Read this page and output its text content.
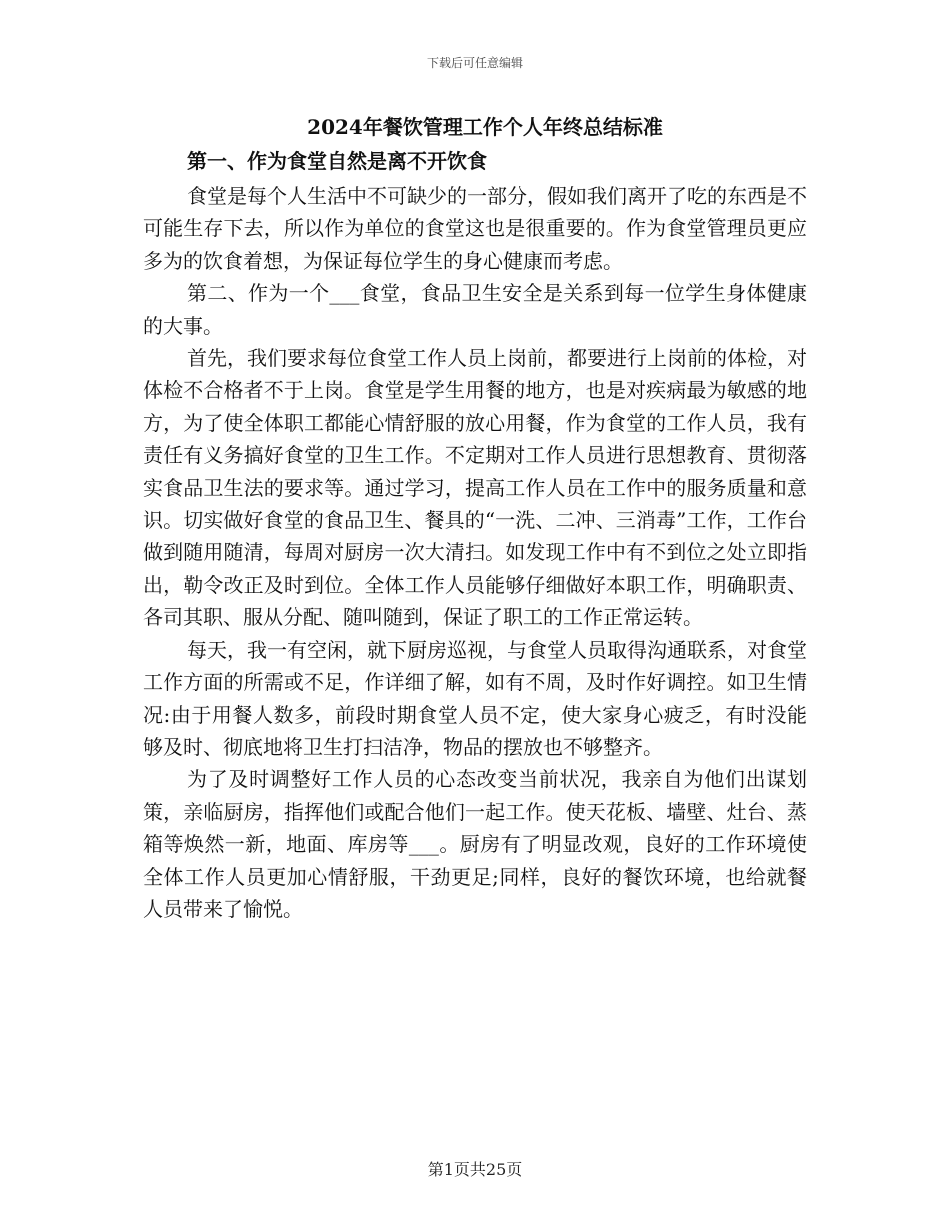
下载后可任意编辑
2024年餐饮管理工作个人年终总结标准
第一、作为食堂自然是离不开饮食

食堂是每个人生活中不可缺少的一部分，假如我们离开了吃的东西是不可能生存下去，所以作为单位的食堂这也是很重要的。作为食堂管理员更应多为的饮食着想，为保证每位学生的身心健康而考虑。

第二、作为一个___食堂，食品卫生安全是关系到每一位学生身体健康的大事。

首先，我们要求每位食堂工作人员上岗前，都要进行上岗前的体检，对体检不合格者不于上岗。食堂是学生用餐的地方，也是对疾病最为敏感的地方，为了使全体职工都能心情舒服的放心用餐，作为食堂的工作人员，我有责任有义务搞好食堂的卫生工作。不定期对工作人员进行思想教育、贯彻落实食品卫生法的要求等。通过学习，提高工作人员在工作中的服务质量和意识。切实做好食堂的食品卫生、餐具的“一洗、二冲、三消毒”工作，工作台做到随用随清，每周对厨房一次大清扫。如发现工作中有不到位之处立即指出，勒令改正及时到位。全体工作人员能够仔细做好本职工作，明确职责、各司其职、服从分配、随叫随到，保证了职工的工作正常运转。

每天，我一有空闲，就下厨房巡视，与食堂人员取得沟通联系，对食堂工作方面的所需或不足，作详细了解，如有不周，及时作好调控。如卫生情况:由于用餐人数多，前段时期食堂人员不定，使大家身心疲乏，有时没能够及时、彻底地将卫生打扫洁净，物品的摆放也不够整齐。

为了及时调整好工作人员的心态改变当前状况，我亲自为他们出谋划策，亲临厨房，指挥他们或配合他们一起工作。使天花板、墙壁、灶台、蒸箱等焕然一新，地面、库房等___。厨房有了明显改观，良好的工作环境使全体工作人员更加心情舒服，干劲更足;同样，良好的餐饮环境，也给就餐人员带来了愉悦。

第1页共25页
